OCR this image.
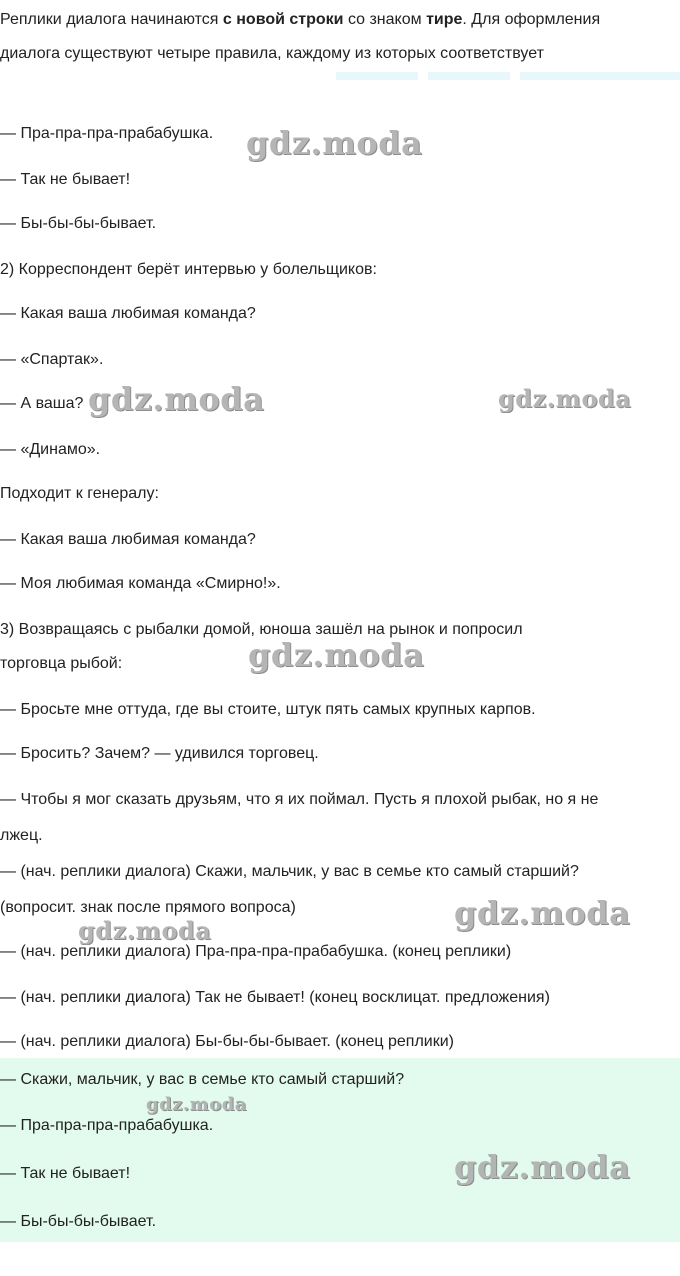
Реплики диалога начинаются с новой строки со знаком тире. Для оформления
диалога существуют четыре правила, каждому из которых соответствует
— Пра-пра-пра-прабабушка.
— Так не бывает!
— Бы-бы-бы-бывает.
2) Корреспондент берёт интервью у болельщиков:
— Какая ваша любимая команда?
— «Спартак».
— А ваша?
— «Динамо».
Подходит к генералу:
— Какая ваша любимая команда?
— Моя любимая команда «Смирно!».
3) Возвращаясь с рыбалки домой, юноша зашёл на рынок и попросил
торговца рыбой:
— Бросьте мне оттуда, где вы стоите, штук пять самых крупных карпов.
— Бросить? Зачем? — удивился торговец.
— Чтобы я мог сказать друзьям, что я их поймал. Пусть я плохой рыбак, но я не
лжец.
— (нач. реплики диалога) Скажи, мальчик, у вас в семье кто самый старший?
(вопросит. знак после прямого вопроса)
— (нач. реплики диалога) Пра-пра-пра-прабабушка. (конец реплики)
— (нач. реплики диалога) Так не бывает! (конец восклицат. предложения)
— (нач. реплики диалога) Бы-бы-бы-бывает. (конец реплики)
— Скажи, мальчик, у вас в семье кто самый старший?
— Пра-пра-пра-прабабушка.
— Так не бывает!
— Бы-бы-бы-бывает.
gdz.moda
gdz.moda	gdz.moda
gdz.moda
gdz.moda
gdz.moda
gdz.moda
gdz.moda
